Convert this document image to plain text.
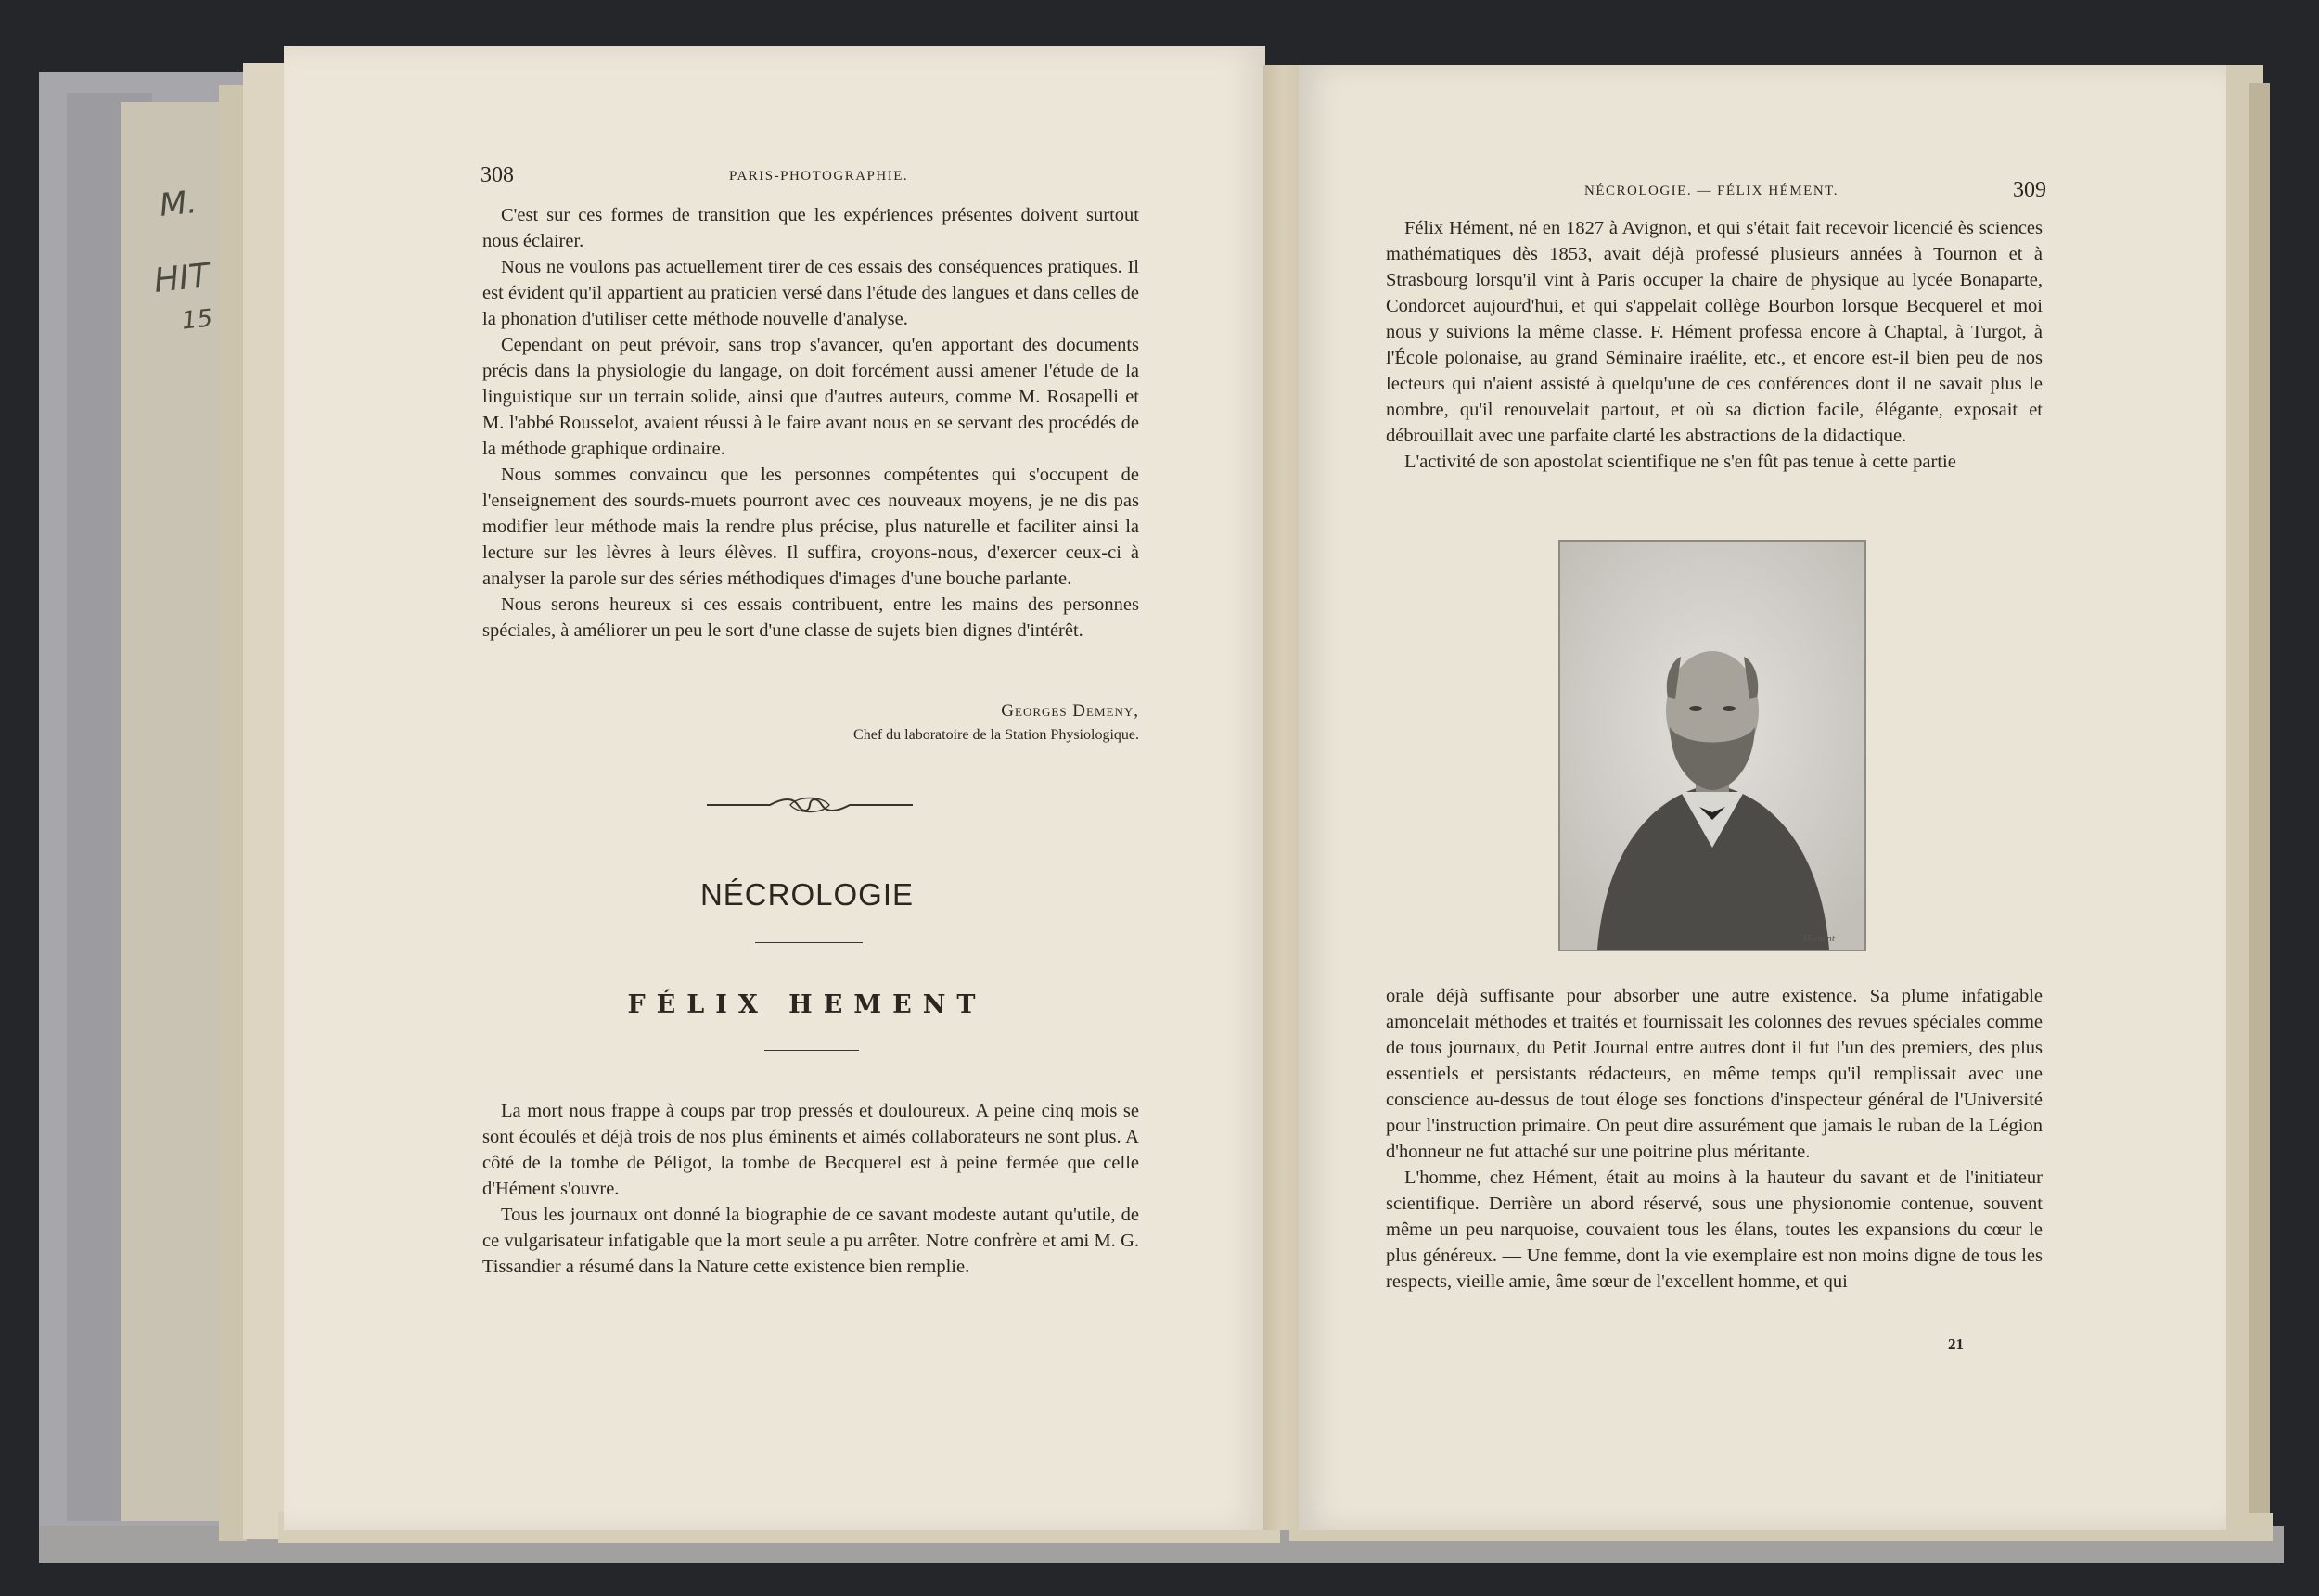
M.
HIT
15
308	PARIS-PHOTOGRAPHIE.

C'est sur ces formes de transition que les expériences présentes doivent surtout nous éclairer.

Nous ne voulons pas actuellement tirer de ces essais des conséquences pratiques. Il est évident qu'il appartient au praticien versé dans l'étude des langues et dans celles de la phonation d'utiliser cette méthode nouvelle d'analyse.

Cependant on peut prévoir, sans trop s'avancer, qu'en apportant des documents précis dans la physiologie du langage, on doit forcément aussi amener l'étude de la linguistique sur un terrain solide, ainsi que d'autres auteurs, comme M. Rosapelli et M. l'abbé Rousselot, avaient réussi à le faire avant nous en se servant des procédés de la méthode graphique ordinaire.

Nous sommes convaincu que les personnes compétentes qui s'occupent de l'enseignement des sourds-muets pourront avec ces nouveaux moyens, je ne dis pas modifier leur méthode mais la rendre plus précise, plus naturelle et faciliter ainsi la lecture sur les lèvres à leurs élèves. Il suffira, croyons-nous, d'exercer ceux-ci à analyser la parole sur des séries méthodiques d'images d'une bouche parlante.

Nous serons heureux si ces essais contribuent, entre les mains des personnes spéciales, à améliorer un peu le sort d'une classe de sujets bien dignes d'intérêt.

Georges Demeny,
Chef du laboratoire de la Station Physiologique.
NÉCROLOGIE
FÉLIX HEMENT

La mort nous frappe à coups par trop pressés et douloureux. A peine cinq mois se sont écoulés et déjà trois de nos plus éminents et aimés collaborateurs ne sont plus. A côté de la tombe de Péligot, la tombe de Becquerel est à peine fermée que celle d'Hément s'ouvre.

Tous les journaux ont donné la biographie de ce savant modeste autant qu'utile, de ce vulgarisateur infatigable que la mort seule a pu arrêter. Notre confrère et ami M. G. Tissandier a résumé dans la Nature cette existence bien remplie.

NÉCROLOGIE. — FÉLIX HÉMENT.	309

Félix Hément, né en 1827 à Avignon, et qui s'était fait recevoir licencié ès sciences mathématiques dès 1853, avait déjà professé plusieurs années à Tournon et à Strasbourg lorsqu'il vint à Paris occuper la chaire de physique au lycée Bonaparte, Condorcet aujourd'hui, et qui s'appelait collège Bourbon lorsque Becquerel et moi nous y suivions la même classe. F. Hément professa encore à Chaptal, à Turgot, à l'École polonaise, au grand Séminaire iraélite, etc., et encore est-il bien peu de nos lecteurs qui n'aient assisté à quelqu'une de ces conférences dont il ne savait plus le nombre, qu'il renouvelait partout, et où sa diction facile, élégante, exposait et débrouillait avec une parfaite clarté les abstractions de la didactique.

L'activité de son apostolat scientifique ne s'en fût pas tenue à cette partie

Hement

orale déjà suffisante pour absorber une autre existence. Sa plume infatigable amoncelait méthodes et traités et fournissait les colonnes des revues spéciales comme de tous journaux, du Petit Journal entre autres dont il fut l'un des premiers, des plus essentiels et persistants rédacteurs, en même temps qu'il remplissait avec une conscience au-dessus de tout éloge ses fonctions d'inspecteur général de l'Université pour l'instruction primaire. On peut dire assurément que jamais le ruban de la Légion d'honneur ne fut attaché sur une poitrine plus méritante.

L'homme, chez Hément, était au moins à la hauteur du savant et de l'initiateur scientifique. Derrière un abord réservé, sous une physionomie contenue, souvent même un peu narquoise, couvaient tous les élans, toutes les expansions du cœur le plus généreux. — Une femme, dont la vie exemplaire est non moins digne de tous les respects, vieille amie, âme sœur de l'excellent homme, et qui

21
